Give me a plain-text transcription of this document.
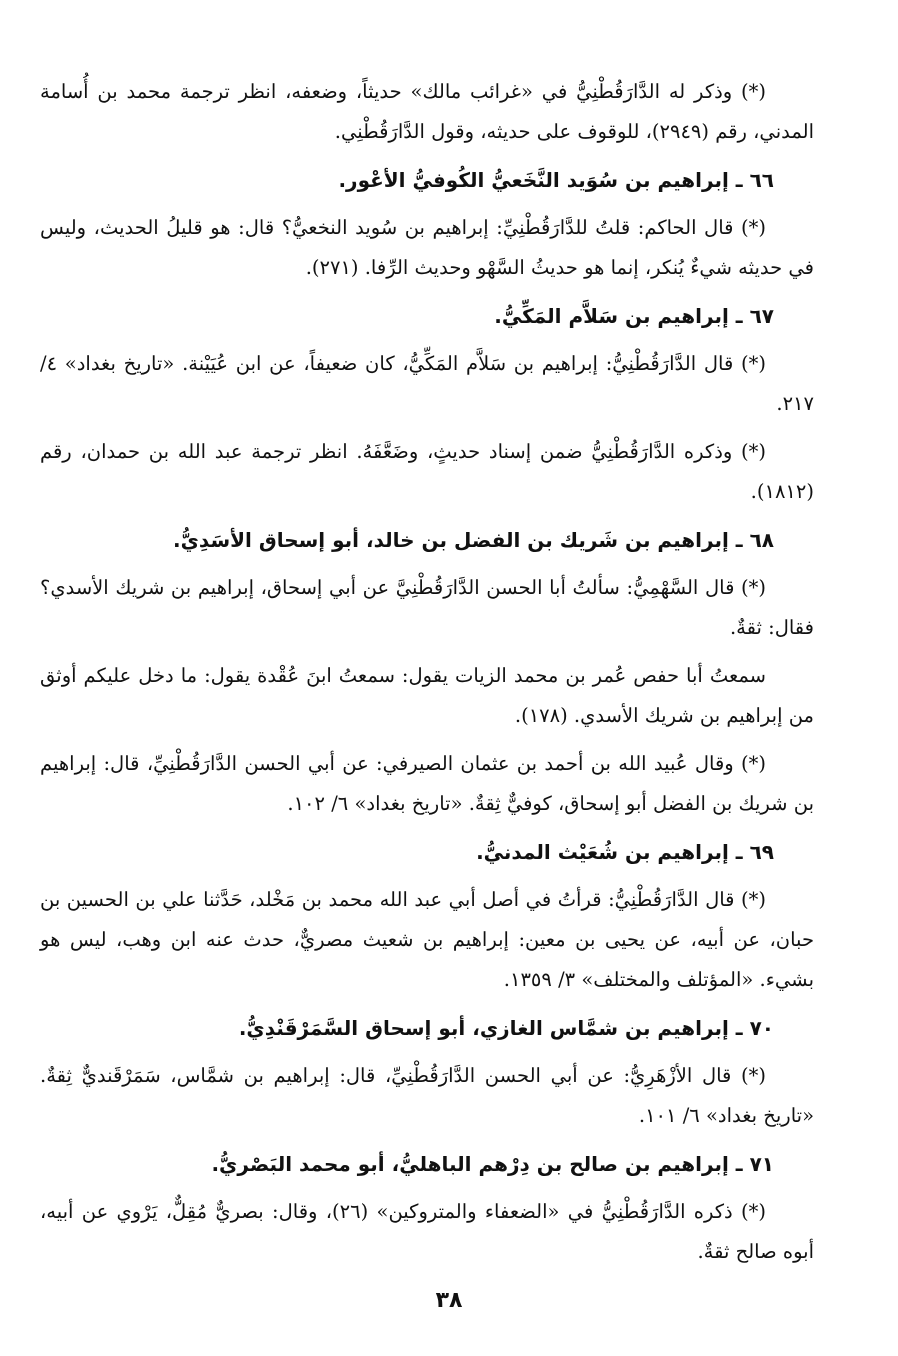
(*) وذكر له الدَّارَقُطْنِيُّ في «غرائب مالك» حديثاً، وضعفه، انظر ترجمة محمد بن أُسامة المدني، رقم (٢٩٤٩)، للوقوف على حديثه، وقول الدَّارَقُطْنِي.

٦٦ ـ إبراهيم بن سُوَيد النَّخَعيُّ الكُوفيُّ الأعْور.

(*) قال الحاكم: قلتُ للدَّارَقُطْنِيِّ: إبراهيم بن سُويد النخعيُّ؟ قال: هو قليلُ الحديث، وليس في حديثه شيءٌ يُنكر، إنما هو حديثُ السَّهْو وحديث الرِّفا. (٢٧١).

٦٧ ـ إبراهيم بن سَلاَّم المَكِّيُّ.

(*) قال الدَّارَقُطْنِيُّ: إبراهيم بن سَلاَّم المَكِّيُّ، كان ضعيفاً، عن ابن عُيَيْنة. «تاريخ بغداد» ٤/ ٢١٧.

(*) وذكره الدَّارَقُطْنِيُّ ضمن إسناد حديثٍ، وضَعَّفَهُ. انظر ترجمة عبد الله بن حمدان، رقم (١٨١٢).

٦٨ ـ إبراهيم بن شَريك بن الفضل بن خالد، أبو إسحاق الأسَدِيُّ.

(*) قال السَّهْمِيُّ: سألتُ أبا الحسن الدَّارَقُطْنِيَّ عن أبي إسحاق، إبراهيم بن شريك الأسدي؟ فقال: ثقةٌ.

سمعتُ أبا حفص عُمر بن محمد الزيات يقول: سمعتُ ابنَ عُقْدة يقول: ما دخل عليكم أوثق من إبراهيم بن شريك الأسدي. (١٧٨).

(*) وقال عُبيد الله بن أحمد بن عثمان الصيرفي: عن أبي الحسن الدَّارَقُطْنِيِّ، قال: إبراهيم بن شريك بن الفضل أبو إسحاق، كوفيٌّ ثِقةٌ. «تاريخ بغداد» ٦/ ١٠٢.

٦٩ ـ إبراهيم بن شُعَيْث المدنيُّ.

(*) قال الدَّارَقُطْنِيُّ: قرأتُ في أصل أبي عبد الله محمد بن مَخْلد، حَدَّثنا علي بن الحسين بن حبان، عن أبيه، عن يحيى بن معين: إبراهيم بن شعيث مصريٌّ، حدث عنه ابن وهب، ليس هو بشيء. «المؤتلف والمختلف» ٣/ ١٣٥٩.

٧٠ ـ إبراهيم بن شمَّاس الغازي، أبو إسحاق السَّمَرْقَنْدِيُّ.

(*) قال الأزْهَرِيُّ: عن أبي الحسن الدَّارَقُطْنِيِّ، قال: إبراهيم بن شمَّاس، سَمَرْقَنديٌّ ثِقةٌ. «تاريخ بغداد» ٦/ ١٠١.

٧١ ـ إبراهيم بن صالح بن دِرْهم الباهليُّ، أبو محمد البَصْريُّ.

(*) ذكره الدَّارَقُطْنِيُّ في «الضعفاء والمتروكين» (٢٦)، وقال: بصريٌّ مُقِلٌّ، يَرْوي عن أبيه، أبوه صالح ثقةٌ.

٣٨
